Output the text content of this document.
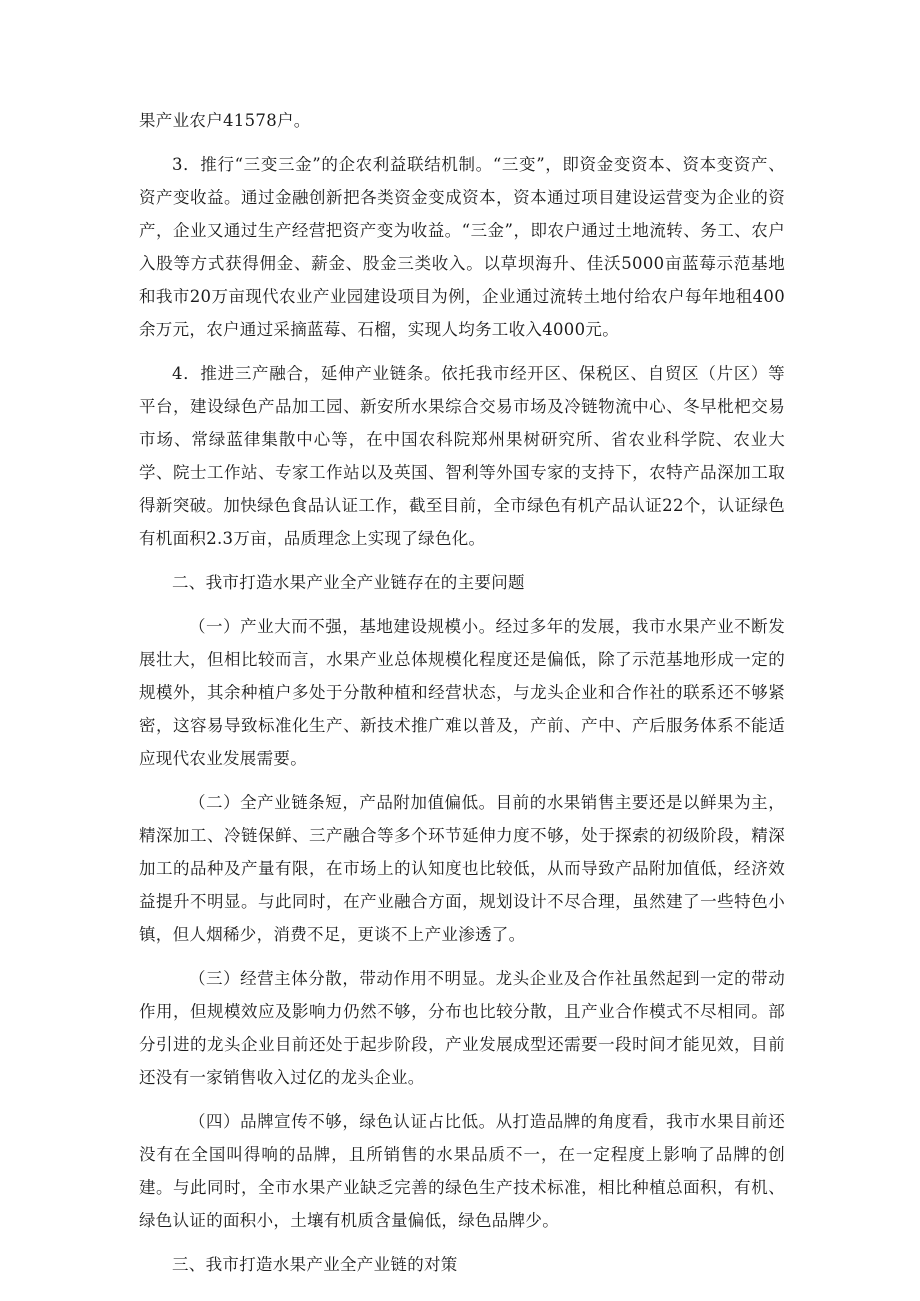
果产业农户41578户。

3．推行“三变三金”的企农利益联结机制。“三变”，即资金变资本、资本变资产、资产变收益。通过金融创新把各类资金变成资本，资本通过项目建设运营变为企业的资产，企业又通过生产经营把资产变为收益。“三金”，即农户通过土地流转、务工、农户入股等方式获得佣金、薪金、股金三类收入。以草坝海升、佳沃5000亩蓝莓示范基地和我市20万亩现代农业产业园建设项目为例，企业通过流转土地付给农户每年地租400余万元，农户通过采摘蓝莓、石榴，实现人均务工收入4000元。

4．推进三产融合，延伸产业链条。依托我市经开区、保税区、自贸区（片区）等平台，建设绿色产品加工园、新安所水果综合交易市场及冷链物流中心、冬早枇杷交易市场、常绿蓝律集散中心等，在中国农科院郑州果树研究所、省农业科学院、农业大学、院士工作站、专家工作站以及英国、智利等外国专家的支持下，农特产品深加工取得新突破。加快绿色食品认证工作，截至目前，全市绿色有机产品认证22个，认证绿色有机面积2.3万亩，品质理念上实现了绿色化。

二、我市打造水果产业全产业链存在的主要问题

（一）产业大而不强，基地建设规模小。经过多年的发展，我市水果产业不断发展壮大，但相比较而言，水果产业总体规模化程度还是偏低，除了示范基地形成一定的规模外，其余种植户多处于分散种植和经营状态，与龙头企业和合作社的联系还不够紧密，这容易导致标准化生产、新技术推广难以普及，产前、产中、产后服务体系不能适应现代农业发展需要。

（二）全产业链条短，产品附加值偏低。目前的水果销售主要还是以鲜果为主，精深加工、冷链保鲜、三产融合等多个环节延伸力度不够，处于探索的初级阶段，精深加工的品种及产量有限，在市场上的认知度也比较低，从而导致产品附加值低，经济效益提升不明显。与此同时，在产业融合方面，规划设计不尽合理，虽然建了一些特色小镇，但人烟稀少，消费不足，更谈不上产业渗透了。

（三）经营主体分散，带动作用不明显。龙头企业及合作社虽然起到一定的带动作用，但规模效应及影响力仍然不够，分布也比较分散，且产业合作模式不尽相同。部分引进的龙头企业目前还处于起步阶段，产业发展成型还需要一段时间才能见效，目前还没有一家销售收入过亿的龙头企业。

（四）品牌宣传不够，绿色认证占比低。从打造品牌的角度看，我市水果目前还没有在全国叫得响的品牌，且所销售的水果品质不一，在一定程度上影响了品牌的创建。与此同时，全市水果产业缺乏完善的绿色生产技术标准，相比种植总面积，有机、绿色认证的面积小，土壤有机质含量偏低，绿色品牌少。

三、我市打造水果产业全产业链的对策
